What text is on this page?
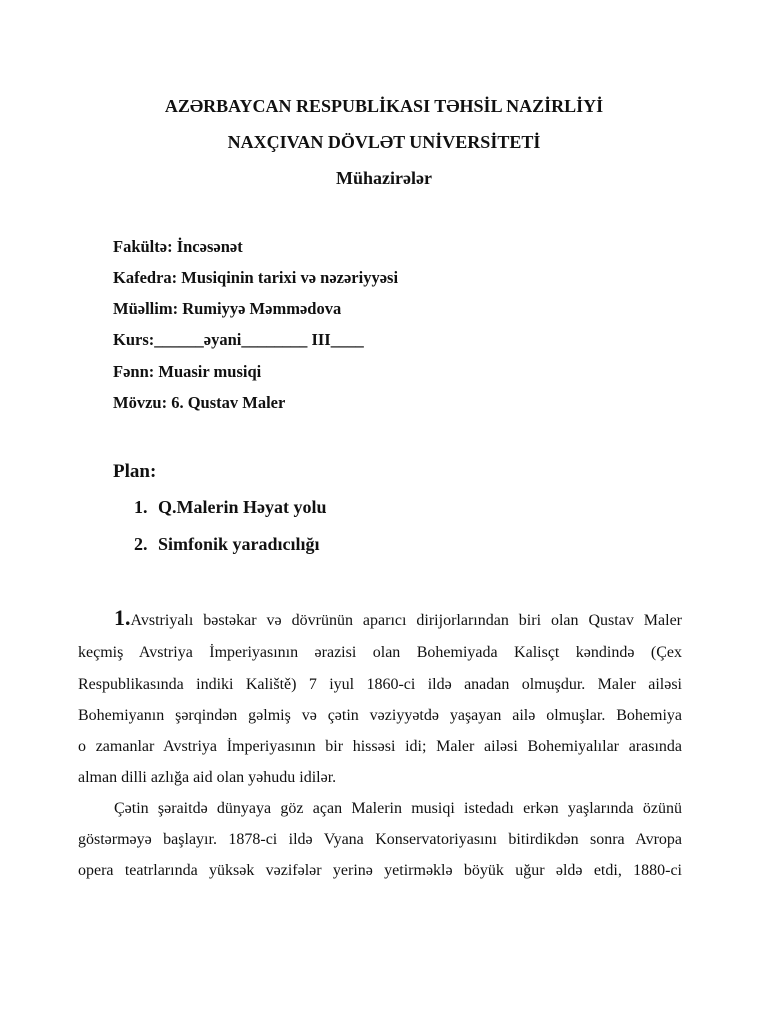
AZƏRBAYCAN RESPUBLİKASI TƏHSİL NAZİRLİYİ
NAXÇIVAN DÖVLƏT UNİVERSİTETİ
Mühazirələr
Fakültə: İncəsənət
Kafedra: Musiqinin tarixi və nəzəriyyəsi
Müəllim: Rumiyyə Məmmədova
Kurs:______əyani________ III____
Fənn: Muasir musiqi
Mövzu: 6. Qustav Maler
Plan:
1. Q.Malerin Həyat yolu
2. Simfonik yaradıcılığı
1.Avstriyalı bəstəkar və dövrünün aparıcı dirijorlarından biri olan Qustav Maler
keçmiş Avstriya İmperiyasının ərazisi olan Bohemiyada Kalisçt kəndində (Çex
Respublikasında indiki Kaliště) 7 iyul 1860-ci ildə anadan olmuşdur. Maler ailəsi
Bohemiyanın şərqindən gəlmiş və çətin vəziyyətdə yaşayan ailə olmuşlar. Bohemiya
o zamanlar Avstriya İmperiyasının bir hissəsi idi; Maler ailəsi Bohemiyalılar arasında
alman dilli azlığa aid olan yəhudu idilər.
Çətin şəraitdə dünyaya göz açan Malerin musiqi istedadı erkən yaşlarında özünü
göstərməyə başlayır. 1878-ci ildə Vyana Konservatoriyasını bitirdikdən sonra Avropa
opera teatrlarında yüksək vəzifələr yerinə yetirməklə böyük uğur əldə etdi, 1880-ci
